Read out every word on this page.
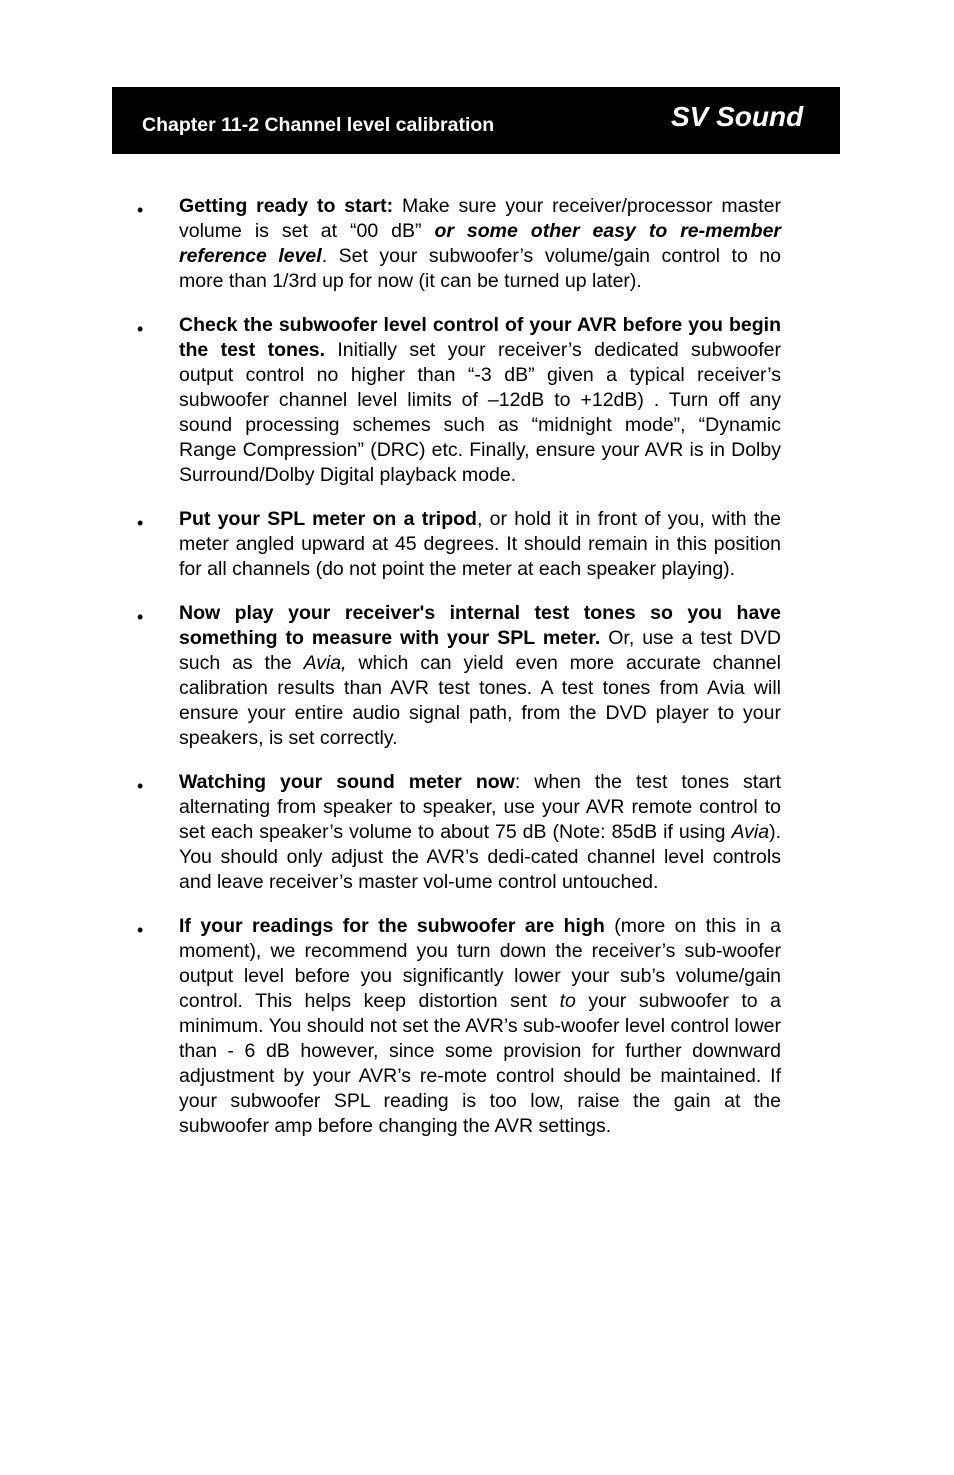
Chapter 11-2 Channel level calibration	SV Sound
•	Getting ready to start: Make sure your receiver/processor master volume is set at “00 dB” or some other easy to re-member reference level. Set your subwoofer’s volume/gain control to no more than 1/3rd up for now (it can be turned up later).
•	Check the subwoofer level control of your AVR before you begin the test tones. Initially set your receiver’s dedicated subwoofer output control no higher than “-3 dB” given a typical receiver’s subwoofer channel level limits of –12dB to +12dB) . Turn off any sound processing schemes such as “midnight mode”, “Dynamic Range Compression” (DRC) etc. Finally, ensure your AVR is in Dolby Surround/Dolby Digital playback mode.
•	Put your SPL meter on a tripod, or hold it in front of you, with the meter angled upward at 45 degrees. It should remain in this position for all channels (do not point the meter at each speaker playing).
•	Now play your receiver's internal test tones so you have something to measure with your SPL meter. Or, use a test DVD such as the Avia, which can yield even more accurate channel calibration results than AVR test tones. A test tones from Avia will ensure your entire audio signal path, from the DVD player to your speakers, is set correctly.
•	Watching your sound meter now: when the test tones start alternating from speaker to speaker, use your AVR remote control to set each speaker’s volume to about 75 dB (Note: 85dB if using Avia). You should only adjust the AVR’s dedi-cated channel level controls and leave receiver’s master vol-ume control untouched.
•	If your readings for the subwoofer are high (more on this in a moment), we recommend you turn down the receiver’s sub-woofer output level before you significantly lower your sub’s volume/gain control. This helps keep distortion sent to your subwoofer to a minimum. You should not set the AVR’s sub-woofer level control lower than - 6 dB however, since some provision for further downward adjustment by your AVR’s re-mote control should be maintained. If your subwoofer SPL reading is too low, raise the gain at the subwoofer amp before changing the AVR settings.
